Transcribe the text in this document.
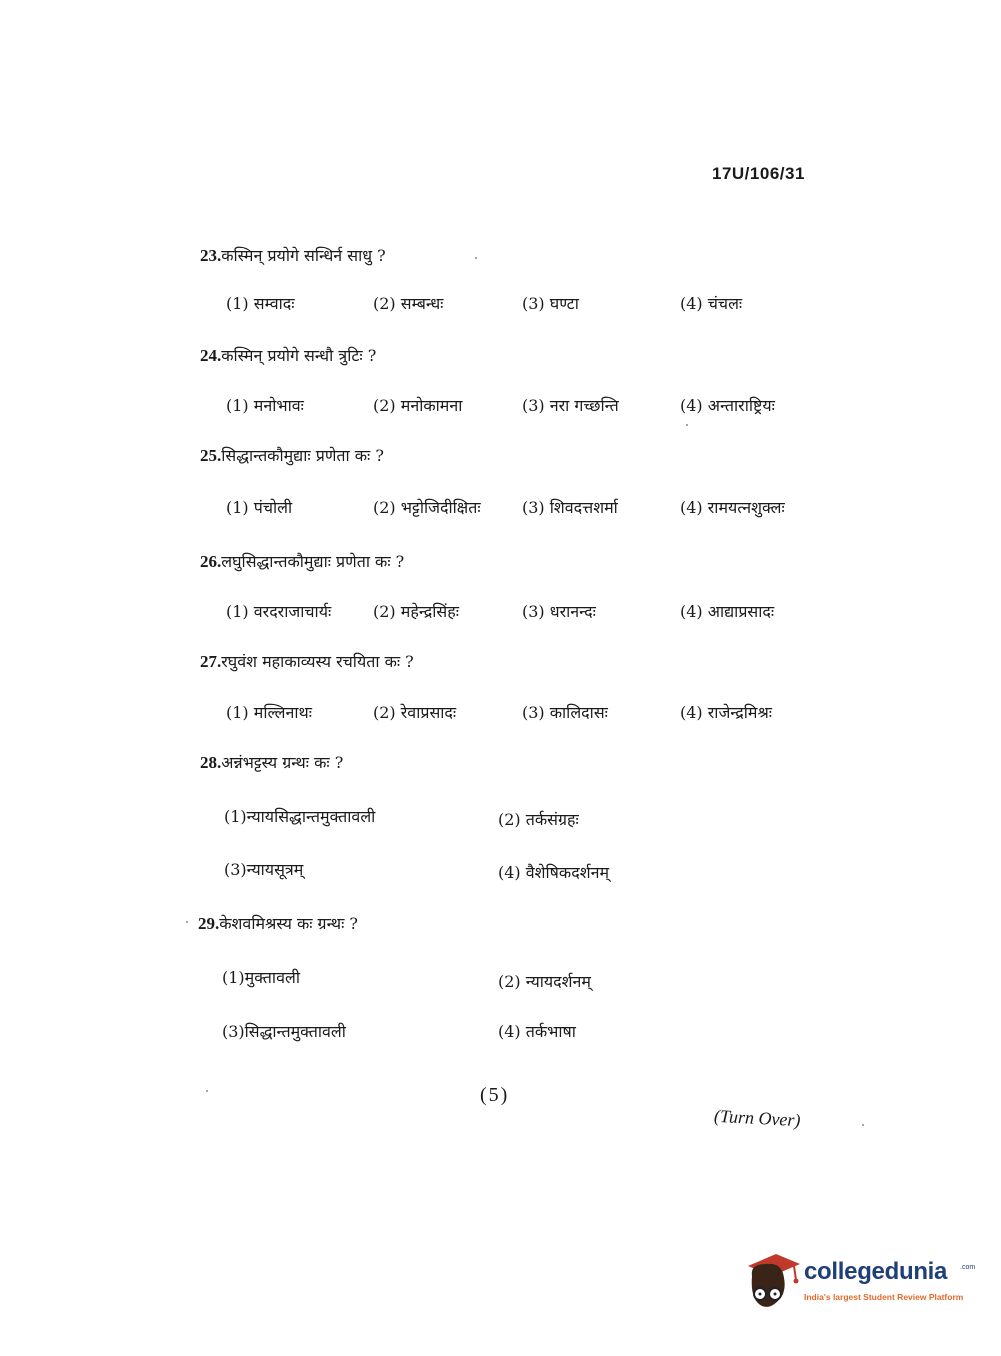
17U/106/31
23.कस्मिन् प्रयोगे सन्धिर्न साधु ?
(1) सम्वादः	(2) सम्बन्धः	(3) घण्टा	(4) चंचलः
24.कस्मिन् प्रयोगे सन्धौ त्रुटिः ?
(1) मनोभावः	(2) मनोकामना	(3) नरा गच्छन्ति	(4) अन्ताराष्ट्रियः
25.सिद्धान्तकौमुद्याः प्रणेता कः ?
(1) पंचोली	(2) भट्टोजिदीक्षितः	(3) शिवदत्तशर्मा	(4) रामयत्नशुक्लः
26.लघुसिद्धान्तकौमुद्याः प्रणेता कः ?
(1) वरदराजाचार्यः	(2) महेन्द्रसिंहः	(3) धरानन्दः	(4) आद्याप्रसादः
27.रघुवंश महाकाव्यस्य रचयिता कः ?
(1) मल्लिनाथः	(2) रेवाप्रसादः	(3) कालिदासः	(4) राजेन्द्रमिश्रः
28.अन्नंभट्टस्य ग्रन्थः कः ?
(1)न्यायसिद्धान्तमुक्तावली	(2) तर्कसंग्रहः
(3)न्यायसूत्रम्	(4) वैशेषिकदर्शनम्
29.केशवमिश्रस्य कः ग्रन्थः ?
(1)मुक्तावली	(2) न्यायदर्शनम्
(3)सिद्धान्तमुक्तावली	(4) तर्कभाषा
(5)
(Turn Over)
collegedunia .com
India's largest Student Review Platform
